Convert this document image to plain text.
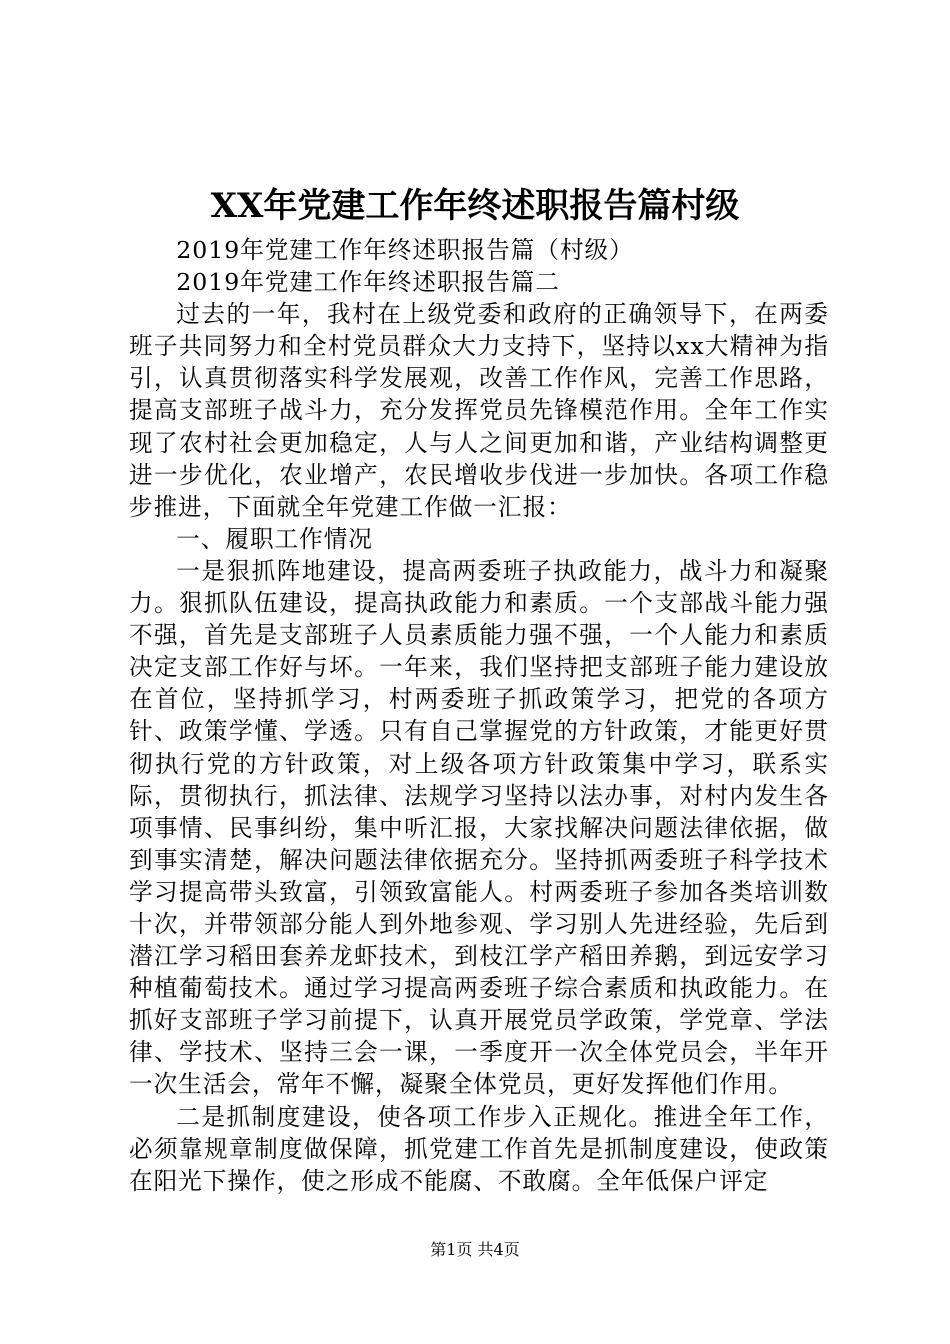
XX年党建工作年终述职报告篇村级

2019年党建工作年终述职报告篇（村级）

2019年党建工作年终述职报告篇二

过去的一年，我村在上级党委和政府的正确领导下，在两委班子共同努力和全村党员群众大力支持下，坚持以xx大精神为指引，认真贯彻落实科学发展观，改善工作作风，完善工作思路，提高支部班子战斗力，充分发挥党员先锋模范作用。全年工作实现了农村社会更加稳定，人与人之间更加和谐，产业结构调整更进一步优化，农业增产，农民增收步伐进一步加快。各项工作稳步推进，下面就全年党建工作做一汇报：

一、履职工作情况

一是狠抓阵地建设，提高两委班子执政能力，战斗力和凝聚力。狠抓队伍建设，提高执政能力和素质。一个支部战斗能力强不强，首先是支部班子人员素质能力强不强，一个人能力和素质决定支部工作好与坏。一年来，我们坚持把支部班子能力建设放在首位，坚持抓学习，村两委班子抓政策学习，把党的各项方针、政策学懂、学透。只有自己掌握党的方针政策，才能更好贯彻执行党的方针政策，对上级各项方针政策集中学习，联系实际，贯彻执行，抓法律、法规学习坚持以法办事，对村内发生各项事情、民事纠纷，集中听汇报，大家找解决问题法律依据，做到事实清楚，解决问题法律依据充分。坚持抓两委班子科学技术学习提高带头致富，引领致富能人。村两委班子参加各类培训数十次，并带领部分能人到外地参观、学习别人先进经验，先后到潜江学习稻田套养龙虾技术，到枝江学产稻田养鹅，到远安学习种植葡萄技术。通过学习提高两委班子综合素质和执政能力。在抓好支部班子学习前提下，认真开展党员学政策，学党章、学法律、学技术、坚持三会一课，一季度开一次全体党员会，半年开一次生活会，常年不懈，凝聚全体党员，更好发挥他们作用。

二是抓制度建设，使各项工作步入正规化。推进全年工作，必须靠规章制度做保障，抓党建工作首先是抓制度建设，使政策在阳光下操作，使之形成不能腐、不敢腐。全年低保户评定

第1页 共4页
